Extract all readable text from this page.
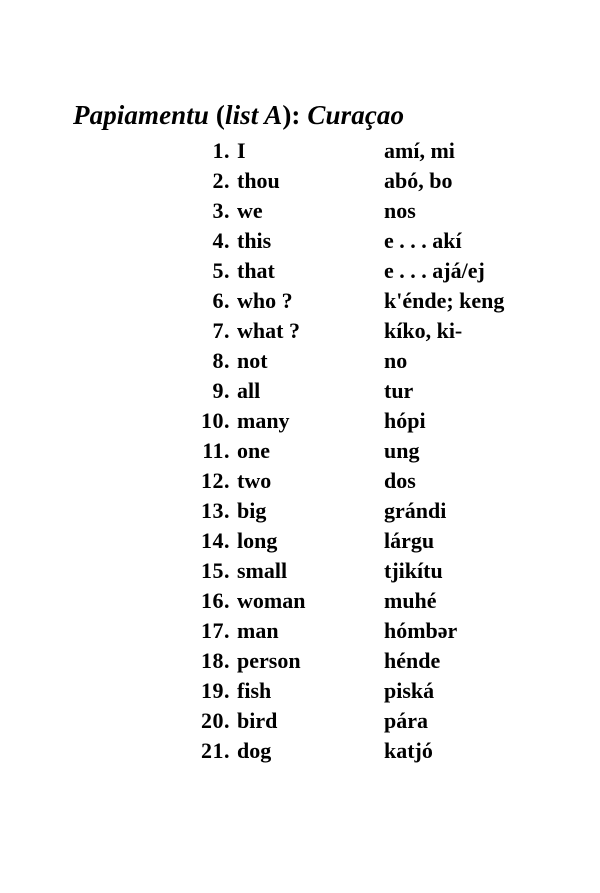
Papiamentu (list A): Curaçao
1. I	amí, mi
2. thou	abó, bo
3. we	nos
4. this	e . . . akí
5. that	e . . . ajá/ej
6. who ?	k'énde; keng
7. what ?	kíko, ki-
8. not	no
9. all	tur
10. many	hópi
11. one	ung
12. two	dos
13. big	grándi
14. long	lárgu
15. small	tjikítu
16. woman	muhé
17. man	hómbər
18. person	hénde
19. fish	piská
20. bird	pára
21. dog	katjó
